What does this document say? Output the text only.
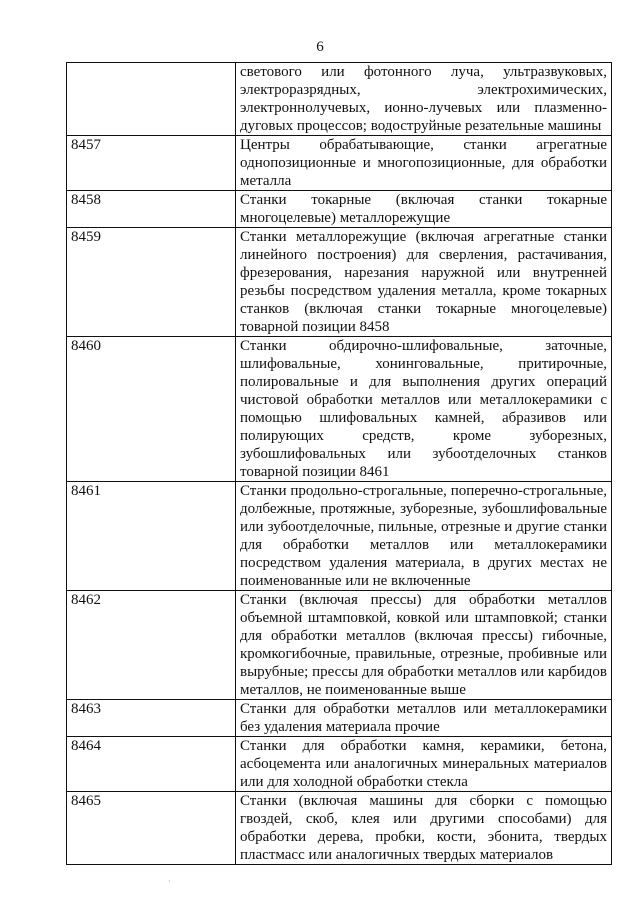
6
	светового или фотонного луча, ультразвуковых, электроразрядных, электрохимических, электроннолучевых, ионно-лучевых или плазменно-дуговых процессов; водоструйные резательные машины
8457	Центры обрабатывающие, станки агрегатные однопозиционные и многопозиционные, для обработки металла
8458	Станки токарные (включая станки токарные многоцелевые) металлорежущие
8459	Станки металлорежущие (включая агрегатные станки линейного построения) для сверления, растачивания, фрезерования, нарезания наружной или внутренней резьбы посредством удаления металла, кроме токарных станков (включая станки токарные многоцелевые) товарной позиции 8458
8460	Станки обдирочно-шлифовальные, заточные, шлифовальные, хонинговальные, притирочные, полировальные и для выполнения других операций чистовой обработки металлов или металлокерамики с помощью шлифовальных камней, абразивов или полирующих средств, кроме зуборезных, зубошлифовальных или зубоотделочных станков товарной позиции 8461
8461	Станки продольно-строгальные, поперечно-строгальные, долбежные, протяжные, зуборезные, зубошлифовальные или зубоотделочные, пильные, отрезные и другие станки для обработки металлов или металлокерамики посредством удаления материала, в других местах не поименованные или не включенные
8462	Станки (включая прессы) для обработки металлов объемной штамповкой, ковкой или штамповкой; станки для обработки металлов (включая прессы) гибочные, кромкогибочные, правильные, отрезные, пробивные или вырубные; прессы для обработки металлов или карбидов металлов, не поименованные выше
8463	Станки для обработки металлов или металлокерамики без удаления материала прочие
8464	Станки для обработки камня, керамики, бетона, асбоцемента или аналогичных минеральных материалов или для холодной обработки стекла
8465	Станки (включая машины для сборки с помощью гвоздей, скоб, клея или другими способами) для обработки дерева, пробки, кости, эбонита, твердых пластмасс или аналогичных твердых материалов
·
